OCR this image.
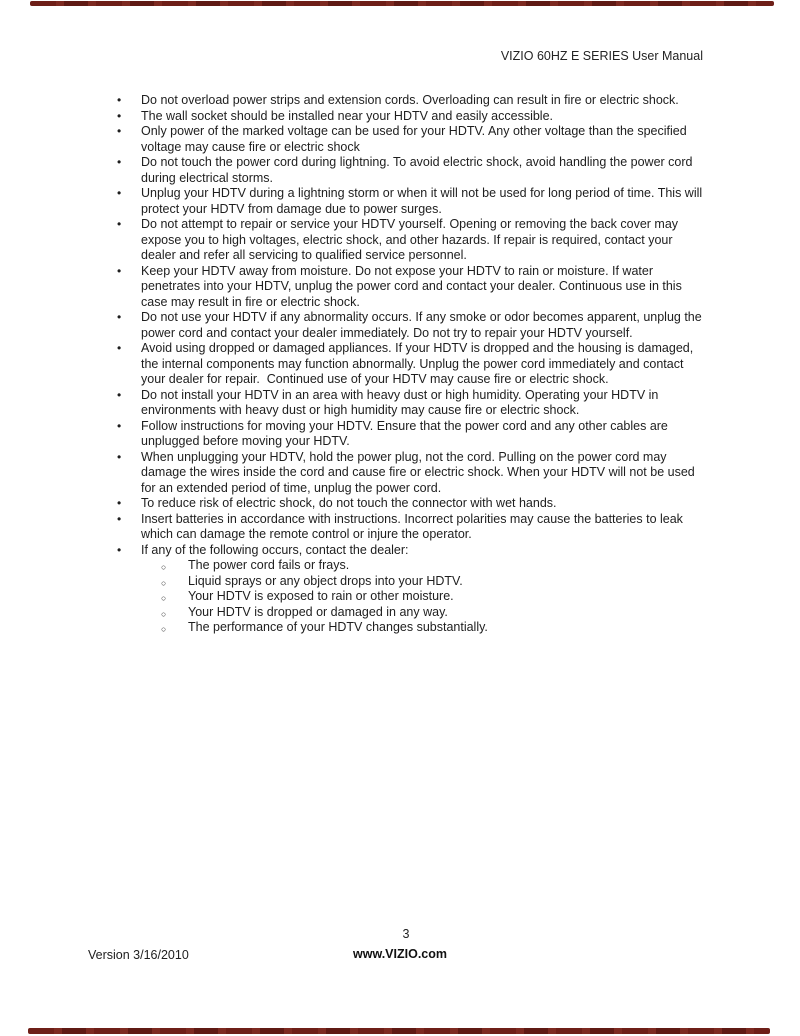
VIZIO 60HZ E SERIES User Manual
• Do not overload power strips and extension cords. Overloading can result in fire or electric shock.
• The wall socket should be installed near your HDTV and easily accessible.
• Only power of the marked voltage can be used for your HDTV. Any other voltage than the specified voltage may cause fire or electric shock
• Do not touch the power cord during lightning. To avoid electric shock, avoid handling the power cord during electrical storms.
• Unplug your HDTV during a lightning storm or when it will not be used for long period of time. This will protect your HDTV from damage due to power surges.
• Do not attempt to repair or service your HDTV yourself. Opening or removing the back cover may expose you to high voltages, electric shock, and other hazards. If repair is required, contact your dealer and refer all servicing to qualified service personnel.
• Keep your HDTV away from moisture. Do not expose your HDTV to rain or moisture. If water penetrates into your HDTV, unplug the power cord and contact your dealer. Continuous use in this case may result in fire or electric shock.
• Do not use your HDTV if any abnormality occurs. If any smoke or odor becomes apparent, unplug the power cord and contact your dealer immediately. Do not try to repair your HDTV yourself.
• Avoid using dropped or damaged appliances. If your HDTV is dropped and the housing is damaged, the internal components may function abnormally. Unplug the power cord immediately and contact your dealer for repair.  Continued use of your HDTV may cause fire or electric shock.
• Do not install your HDTV in an area with heavy dust or high humidity. Operating your HDTV in environments with heavy dust or high humidity may cause fire or electric shock.
• Follow instructions for moving your HDTV. Ensure that the power cord and any other cables are unplugged before moving your HDTV.
• When unplugging your HDTV, hold the power plug, not the cord. Pulling on the power cord may damage the wires inside the cord and cause fire or electric shock. When your HDTV will not be used for an extended period of time, unplug the power cord.
• To reduce risk of electric shock, do not touch the connector with wet hands.
• Insert batteries in accordance with instructions. Incorrect polarities may cause the batteries to leak which can damage the remote control or injure the operator.
• If any of the following occurs, contact the dealer:
○ The power cord fails or frays.
○ Liquid sprays or any object drops into your HDTV.
○ Your HDTV is exposed to rain or other moisture.
○ Your HDTV is dropped or damaged in any way.
○ The performance of your HDTV changes substantially.
3
Version 3/16/2010	www.VIZIO.com
